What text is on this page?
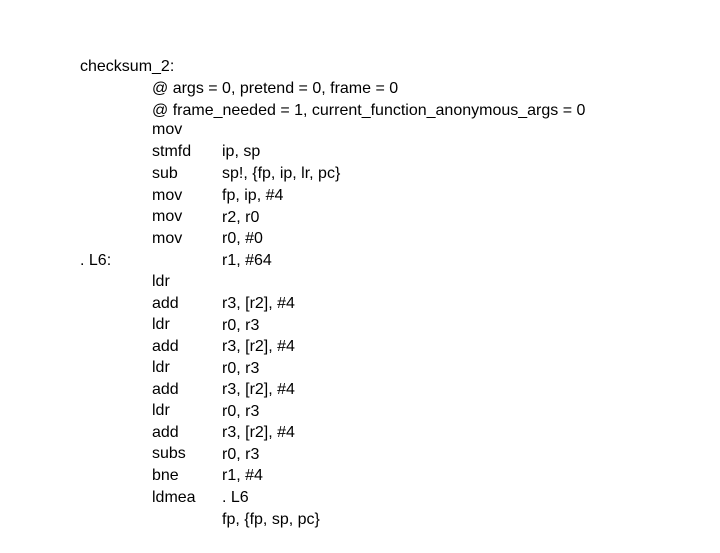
checksum_2:

@ args = 0, pretend = 0, frame = 0

@ frame_needed = 1, current_function_anonymous_args = 0

mov

ip, sp

stmfd

sp!, {fp, ip, lr, pc}

sub

fp, ip, #4

mov

r2, r0

mov

r0, #0

mov

r1, #64

. L6:

ldr

r3, [r2], #4

add

r0, r3

ldr

r3, [r2], #4

add

r0, r3

ldr

r3, [r2], #4

add

r0, r3

ldr

r3, [r2], #4

add

r0, r3

subs

r1, #4

bne

. L6

ldmea

fp, {fp, sp, pc}
